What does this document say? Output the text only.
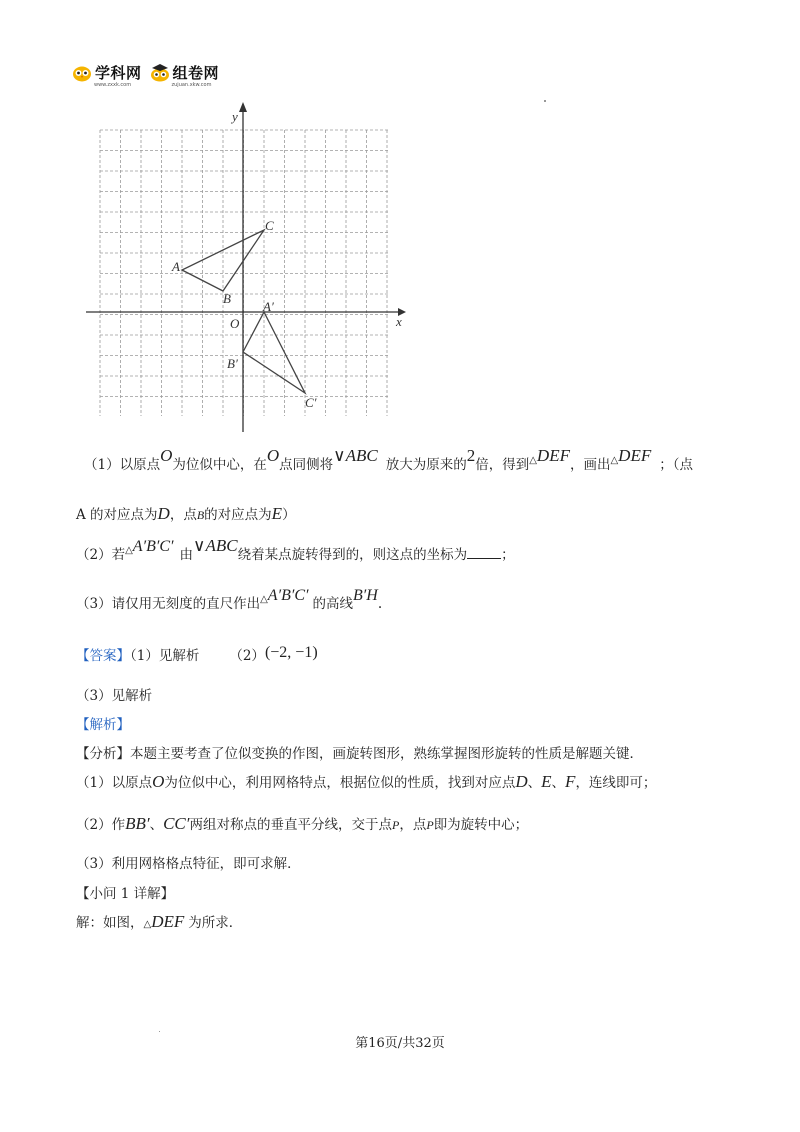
学科网
www.zxxk.com
组卷网
zujuan.xkw.com
y
x
O
A
B
C
A′
B′
C′
（1）以原点O为位似中心，在O点同侧将∨ABC 放大为原来的2倍，得到△DEF，画出△DEF ；（点
A 的对应点为D，点B的对应点为E）
（2）若△A′B′C′ 由∨ABC绕着某点旋转得到的，则这点的坐标为	；
（3）请仅用无刻度的直尺作出△A′B′C′ 的高线B′H.
【答案】（1）见解析 （2）(−2, −1)
（3）见解析
【解析】
【分析】本题主要考查了位似变换的作图，画旋转图形，熟练掌握图形旋转的性质是解题关键．
（1）以原点O为位似中心，利用网格特点，根据位似的性质，找到对应点D、E、F，连线即可；
（2）作BB′、CC′两组对称点的垂直平分线，交于点P，点P即为旋转中心；
（3）利用网格格点特征，即可求解．
【小问 1 详解】
解：如图，△DEF 为所求．
第16页/共32页
